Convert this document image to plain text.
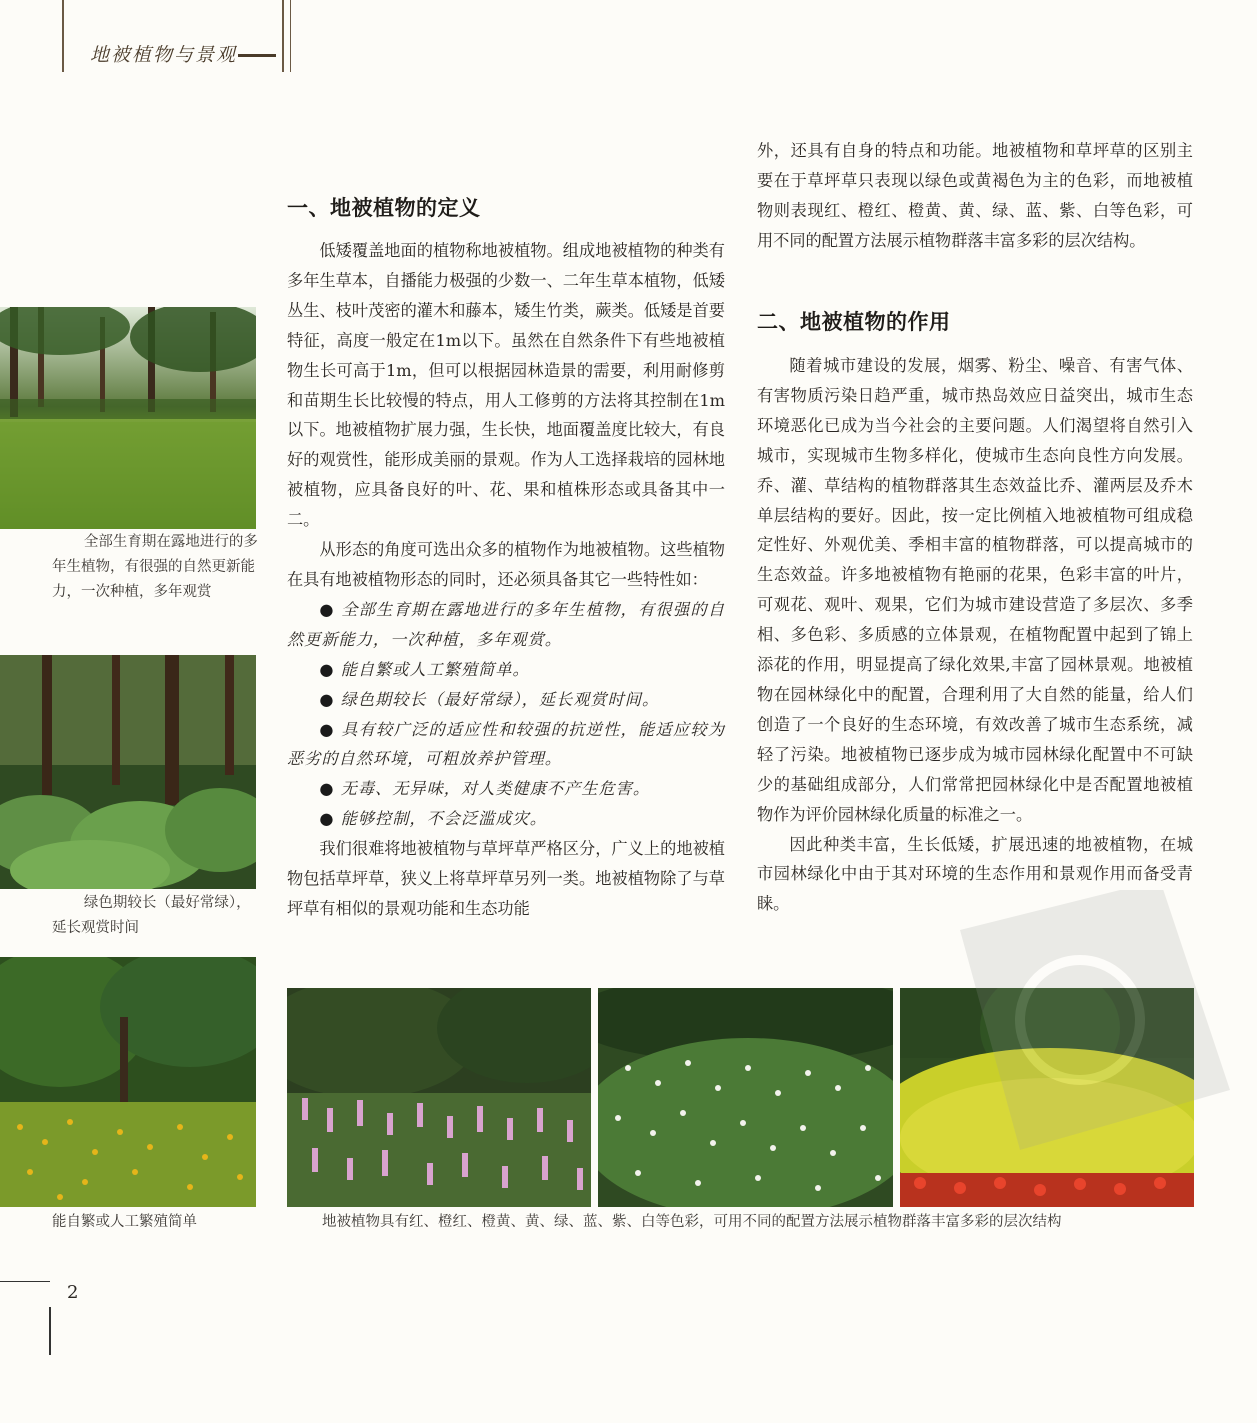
地被植物与景观
全部生育期在露地进行的多年生植物，有很强的自然更新能力，一次种植，多年观赏
绿色期较长（最好常绿），延长观赏时间
能自繁或人工繁殖简单
一、地被植物的定义

低矮覆盖地面的植物称地被植物。组成地被植物的种类有多年生草本，自播能力极强的少数一、二年生草本植物，低矮丛生、枝叶茂密的灌木和藤本，矮生竹类，蕨类。低矮是首要特征，高度一般定在1m以下。虽然在自然条件下有些地被植物生长可高于1m，但可以根据园林造景的需要，利用耐修剪和苗期生长比较慢的特点，用人工修剪的方法将其控制在1m以下。地被植物扩展力强，生长快，地面覆盖度比较大，有良好的观赏性，能形成美丽的景观。作为人工选择栽培的园林地被植物，应具备良好的叶、花、果和植株形态或具备其中一二。

从形态的角度可选出众多的植物作为地被植物。这些植物在具有地被植物形态的同时，还必须具备其它一些特性如：

● 全部生育期在露地进行的多年生植物，有很强的自然更新能力，一次种植，多年观赏。

● 能自繁或人工繁殖简单。

● 绿色期较长（最好常绿），延长观赏时间。

● 具有较广泛的适应性和较强的抗逆性，能适应较为恶劣的自然环境，可粗放养护管理。

● 无毒、无异味，对人类健康不产生危害。

● 能够控制，不会泛滥成灾。

我们很难将地被植物与草坪草严格区分，广义上的地被植物包括草坪草，狭义上将草坪草另列一类。地被植物除了与草坪草有相似的景观功能和生态功能

外，还具有自身的特点和功能。地被植物和草坪草的区别主要在于草坪草只表现以绿色或黄褐色为主的色彩，而地被植物则表现红、橙红、橙黄、黄、绿、蓝、紫、白等色彩，可用不同的配置方法展示植物群落丰富多彩的层次结构。
二、地被植物的作用

随着城市建设的发展，烟雾、粉尘、噪音、有害气体、有害物质污染日趋严重，城市热岛效应日益突出，城市生态环境恶化已成为当今社会的主要问题。人们渴望将自然引入城市，实现城市生物多样化，使城市生态向良性方向发展。乔、灌、草结构的植物群落其生态效益比乔、灌两层及乔木单层结构的要好。因此，按一定比例植入地被植物可组成稳定性好、外观优美、季相丰富的植物群落，可以提高城市的生态效益。许多地被植物有艳丽的花果，色彩丰富的叶片，可观花、观叶、观果，它们为城市建设营造了多层次、多季相、多色彩、多质感的立体景观，在植物配置中起到了锦上添花的作用，明显提高了绿化效果,丰富了园林景观。地被植物在园林绿化中的配置，合理利用了大自然的能量，给人们创造了一个良好的生态环境，有效改善了城市生态系统，减轻了污染。地被植物已逐步成为城市园林绿化配置中不可缺少的基础组成部分，人们常常把园林绿化中是否配置地被植物作为评价园林绿化质量的标准之一。

因此种类丰富，生长低矮，扩展迅速的地被植物，在城市园林绿化中由于其对环境的生态作用和景观作用而备受青睐。

地被植物具有红、橙红、橙黄、黄、绿、蓝、紫、白等色彩，可用不同的配置方法展示植物群落丰富多彩的层次结构
2
